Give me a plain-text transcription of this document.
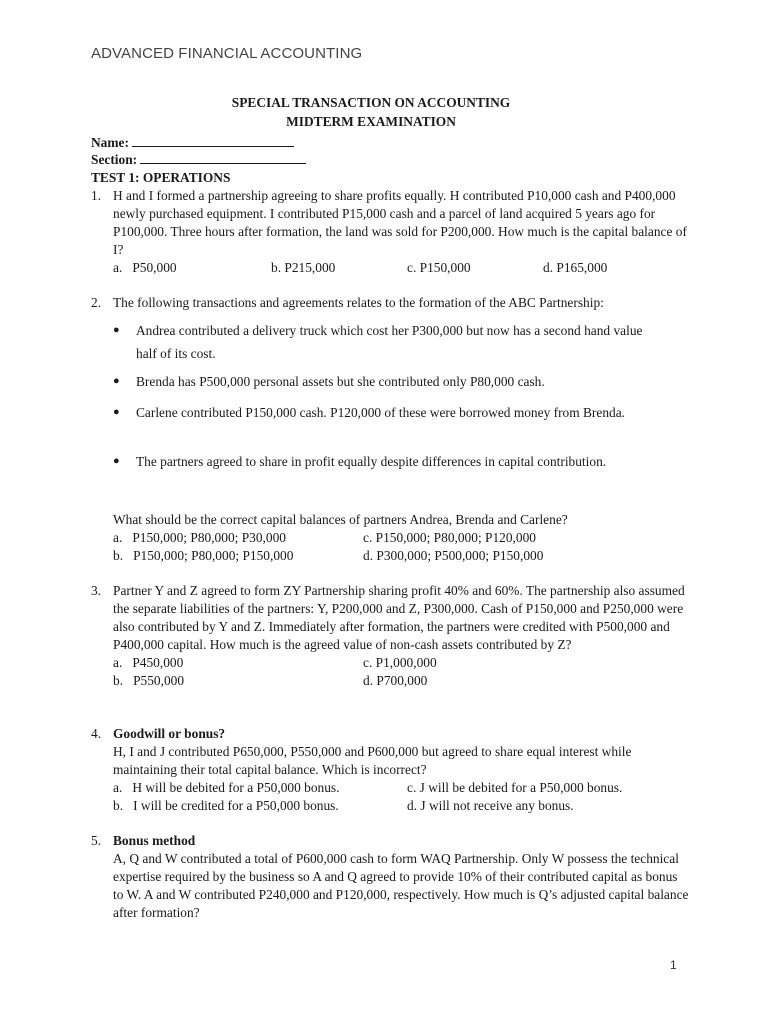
ADVANCED FINANCIAL ACCOUNTING
SPECIAL TRANSACTION ON ACCOUNTING
MIDTERM EXAMINATION
Name:
Section:
TEST 1: OPERATIONS
1. H and I formed a partnership agreeing to share profits equally. H contributed P10,000 cash and P400,000 newly purchased equipment. I contributed P15,000 cash and a parcel of land acquired 5 years ago for P100,000. Three hours after formation, the land was sold for P200,000. How much is the capital balance of I?
a.   P50,000	b. P215,000	c. P150,000	d. P165,000
2. The following transactions and agreements relates to the formation of the ABC Partnership:
● Andrea contributed a delivery truck which cost her P300,000 but now has a second hand value half of its cost.
● Brenda has P500,000 personal assets but she contributed only P80,000 cash.
● Carlene contributed P150,000 cash. P120,000 of these were borrowed money from Brenda.
● The partners agreed to share in profit equally despite differences in capital contribution.
What should be the correct capital balances of partners Andrea, Brenda and Carlene?
a.   P150,000; P80,000; P30,000	c. P150,000; P80,000; P120,000
b.   P150,000; P80,000; P150,000	d. P300,000; P500,000; P150,000
3. Partner Y and Z agreed to form ZY Partnership sharing profit 40% and 60%. The partnership also assumed the separate liabilities of the partners: Y, P200,000 and Z, P300,000. Cash of P150,000 and P250,000 were also contributed by Y and Z. Immediately after formation, the partners were credited with P500,000 and P400,000 capital. How much is the agreed value of non-cash assets contributed by Z?
a.   P450,000	c. P1,000,000
b.   P550,000	d. P700,000
4. Goodwill or bonus?
H, I and J contributed P650,000, P550,000 and P600,000 but agreed to share equal interest while maintaining their total capital balance. Which is incorrect?
a.   H will be debited for a P50,000 bonus.	c. J will be debited for a P50,000 bonus.
b.   I will be credited for a P50,000 bonus.	d. J will not receive any bonus.
5. Bonus method
A, Q and W contributed a total of P600,000 cash to form WAQ Partnership. Only W possess the technical expertise required by the business so A and Q agreed to provide 10% of their contributed capital as bonus to W. A and W contributed P240,000 and P120,000, respectively. How much is Q’s adjusted capital balance after formation?
1
